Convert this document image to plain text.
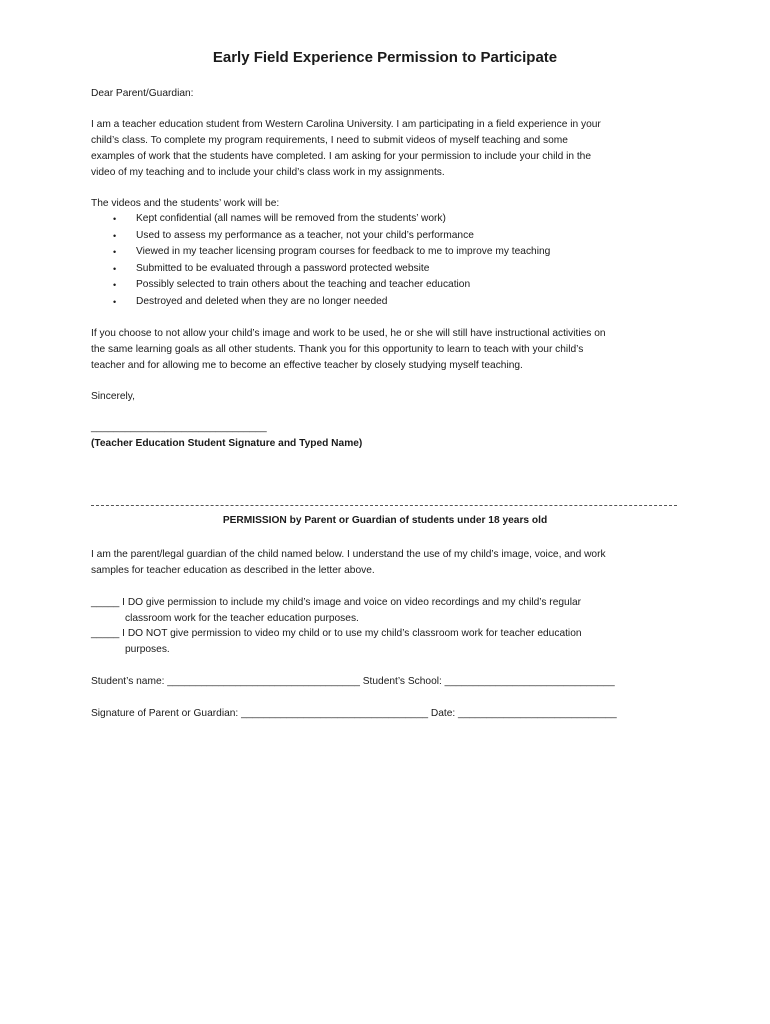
Early Field Experience Permission to Participate

Dear Parent/Guardian:

I am a teacher education student from Western Carolina University. I am participating in a field experience in your

child’s class. To complete my program requirements, I need to submit videos of myself teaching and some

examples of work that the students have completed. I am asking for your permission to include your child in the

video of my teaching and to include your child’s class work in my assignments.

The videos and the students’ work will be:

• Kept confidential (all names will be removed from the students’ work)
• Used to assess my performance as a teacher, not your child’s performance
• Viewed in my teacher licensing program courses for feedback to me to improve my teaching
• Submitted to be evaluated through a password protected website
• Possibly selected to train others about the teaching and teacher education
• Destroyed and deleted when they are no longer needed

If you choose to not allow your child’s image and work to be used, he or she will still have instructional activities on

the same learning goals as all other students. Thank you for this opportunity to learn to teach with your child’s

teacher and for allowing me to become an effective teacher by closely studying myself teaching.

Sincerely,

_______________________________

(Teacher Education Student Signature and Typed Name)

PERMISSION by Parent or Guardian of students under 18 years old

I am the parent/legal guardian of the child named below. I understand the use of my child’s image, voice, and work

samples for teacher education as described in the letter above.

_____ I DO give permission to include my child’s image and voice on video recordings and my child’s regular

classroom work for the teacher education purposes.

_____ I DO NOT give permission to video my child or to use my child’s classroom work for teacher education

purposes.

Student’s name: __________________________________ Student’s School: ______________________________

Signature of Parent or Guardian: _________________________________ Date: ____________________________
